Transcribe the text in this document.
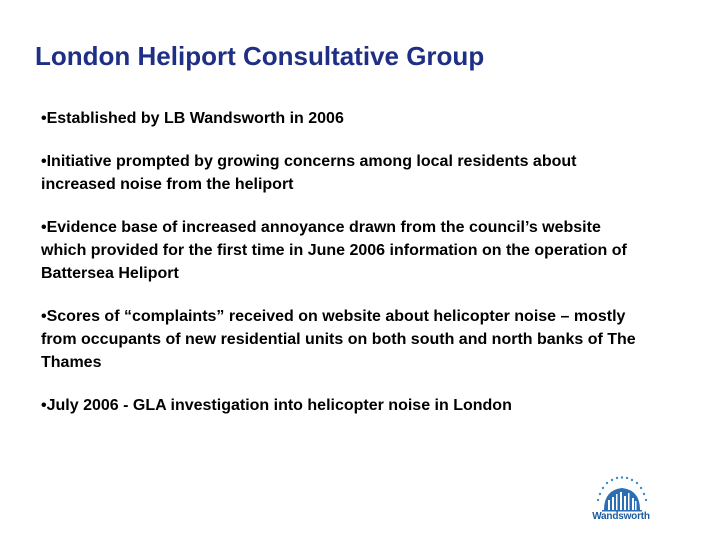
London Heliport Consultative Group
•Established by LB Wandsworth in 2006
•Initiative prompted by growing concerns among local residents about increased noise from the heliport
•Evidence base of increased annoyance drawn from the council’s website which provided for the first time in June 2006 information on the operation of Battersea Heliport
•Scores of “complaints” received on website about helicopter noise – mostly from occupants of new residential units on both south and north banks of The Thames
•July 2006 - GLA investigation into helicopter noise in London
Wandsworth
